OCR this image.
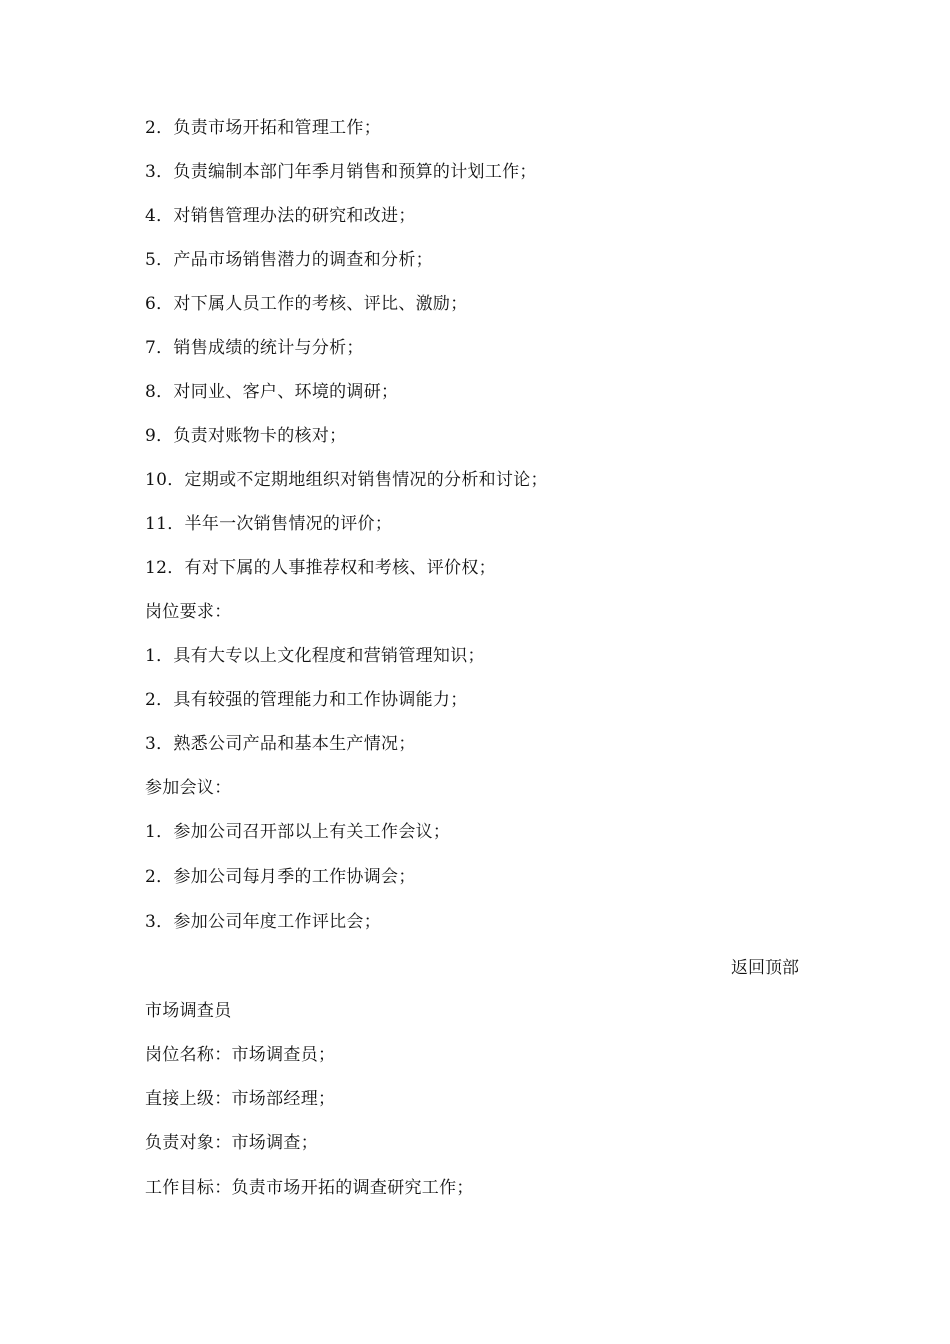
2．负责市场开拓和管理工作；
3．负责编制本部门年季月销售和预算的计划工作；
4．对销售管理办法的研究和改进；
5．产品市场销售潜力的调查和分析；
6．对下属人员工作的考核、评比、激励；
7．销售成绩的统计与分析；
8．对同业、客户、环境的调研；
9．负责对账物卡的核对；
10．定期或不定期地组织对销售情况的分析和讨论；
11．半年一次销售情况的评价；
12．有对下属的人事推荐权和考核、评价权；
岗位要求：
1．具有大专以上文化程度和营销管理知识；
2．具有较强的管理能力和工作协调能力；
3．熟悉公司产品和基本生产情况；
参加会议：
1．参加公司召开部以上有关工作会议；
2．参加公司每月季的工作协调会；
3．参加公司年度工作评比会；
返回顶部
市场调查员
岗位名称：市场调查员；
直接上级：市场部经理；
负责对象：市场调查；
工作目标：负责市场开拓的调查研究工作；
